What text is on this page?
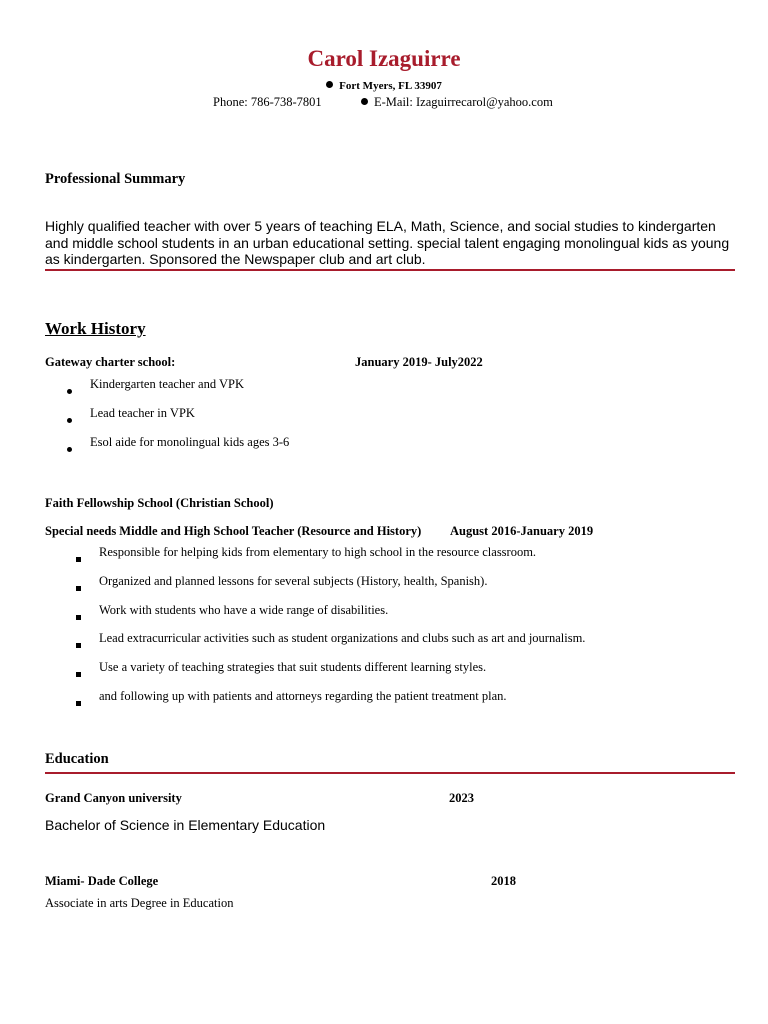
Carol Izaguirre
Fort Myers, FL 33907
Phone: 786-738-7801	E-Mail: Izaguirrecarol@yahoo.com
Professional Summary
Highly qualified teacher with over 5 years of teaching ELA, Math, Science, and social studies to kindergarten and middle school students in an urban educational setting. special talent engaging monolingual kids as young as kindergarten. Sponsored the Newspaper club and art club.
Work History
Gateway charter school:	January 2019- July2022
Kindergarten teacher and VPK
Lead teacher in VPK
Esol aide for monolingual kids ages 3-6
Faith Fellowship School (Christian School)
Special needs Middle and High School Teacher (Resource and History) August 2016-January 2019
Responsible for helping kids from elementary to high school in the resource classroom.
Organized and planned lessons for several subjects (History, health, Spanish).
Work with students who have a wide range of disabilities.
Lead extracurricular activities such as student organizations and clubs such as art and journalism.
Use a variety of teaching strategies that suit students different learning styles.
and following up with patients and attorneys regarding the patient treatment plan.
Education
Grand Canyon university	2023
Bachelor of Science in Elementary Education
Miami- Dade College	2018
Associate in arts Degree in Education
